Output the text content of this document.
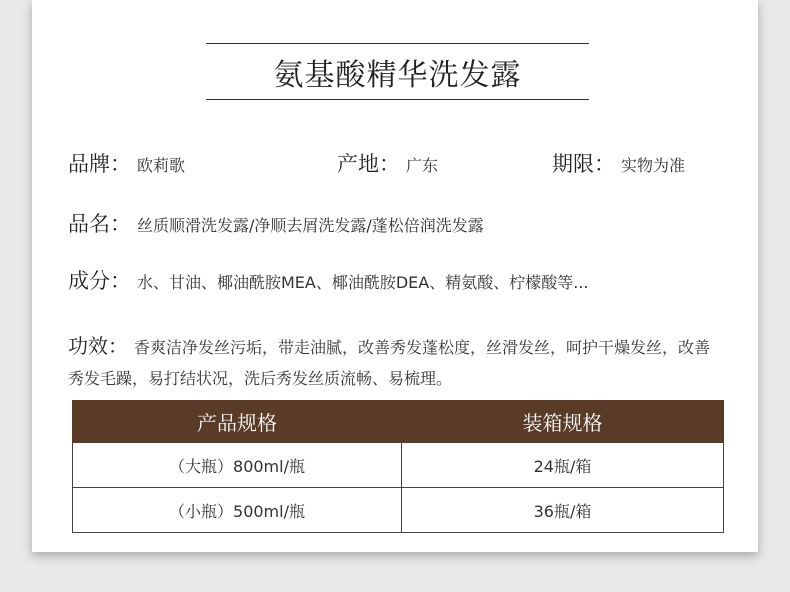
氨基酸精华洗发露
品牌 ： 欧莉歌	产地 ： 广东	期限 ： 实物为准
品名 ： 丝质顺滑洗发露/净顺去屑洗发露/蓬松倍润洗发露
成分 ： 水、甘油、椰油酰胺MEA、椰油酰胺DEA、精氨酸、柠檬酸等...
功效： 香爽洁净发丝污垢，带走油腻，改善秀发蓬松度，丝滑发丝，呵护干燥发丝，改善秀发毛躁，易打结状况，洗后秀发丝质流畅、易梳理。
产品规格	装箱规格
（大瓶）800ml/瓶	24瓶/箱
（小瓶）500ml/瓶	36瓶/箱
